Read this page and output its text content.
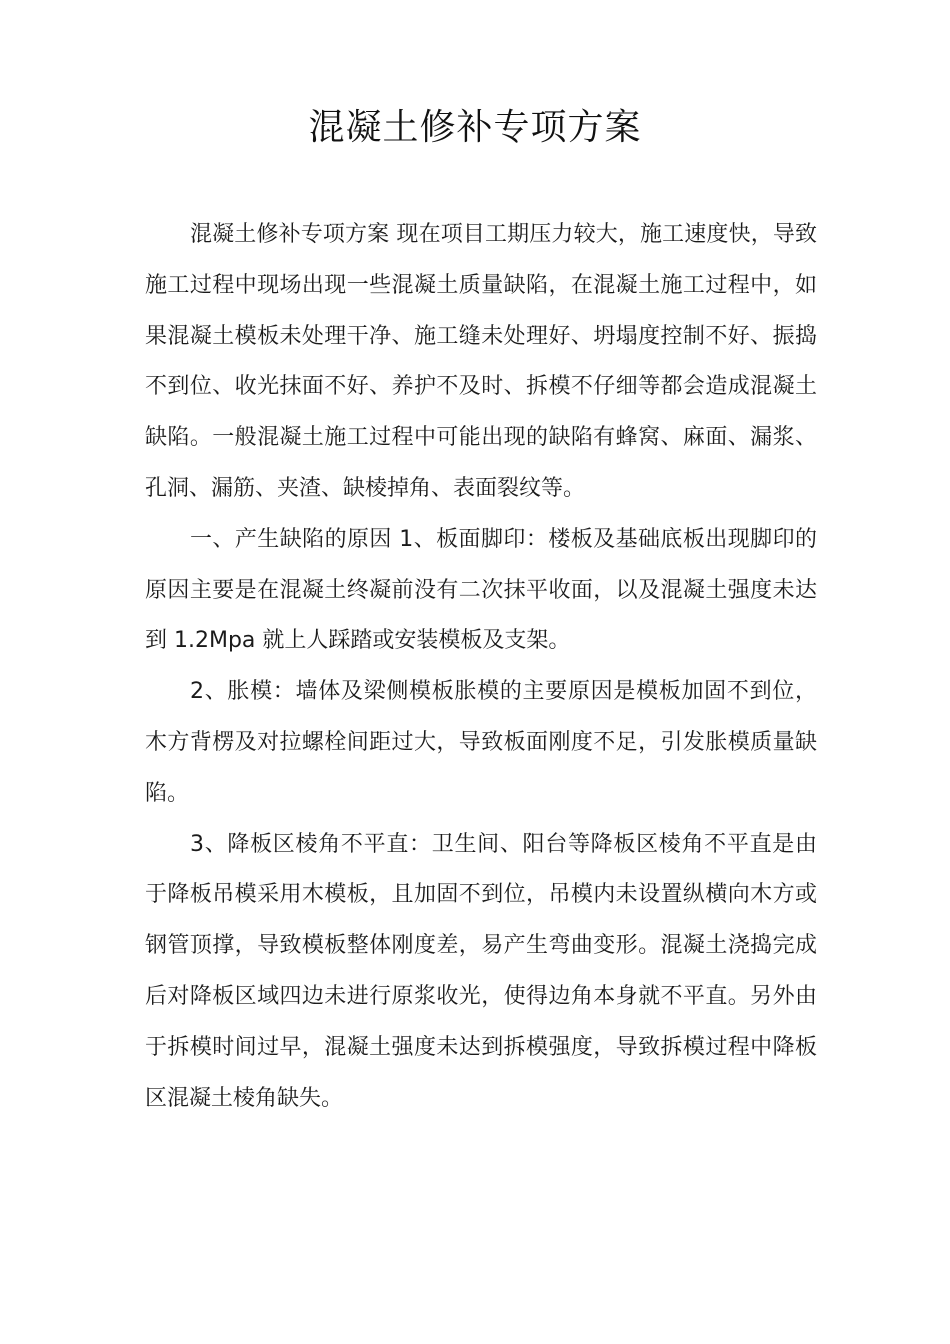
混凝土修补专项方案

混凝土修补专项方案 现在项目工期压力较大，施工速度快，导致施工过程中现场出现一些混凝土质量缺陷，在混凝土施工过程中，如果混凝土模板未处理干净、施工缝未处理好、坍塌度控制不好、振捣不到位、收光抹面不好、养护不及时、拆模不仔细等都会造成混凝土缺陷。一般混凝土施工过程中可能出现的缺陷有蜂窝、麻面、漏浆、孔洞、漏筋、夹渣、缺棱掉角、表面裂纹等。

一、产生缺陷的原因 1、板面脚印：楼板及基础底板出现脚印的原因主要是在混凝土终凝前没有二次抹平收面，以及混凝土强度未达到 1.2Mpa 就上人踩踏或安装模板及支架。

2、胀模：墙体及梁侧模板胀模的主要原因是模板加固不到位，木方背楞及对拉螺栓间距过大，导致板面刚度不足，引发胀模质量缺陷。

3、降板区棱角不平直：卫生间、阳台等降板区棱角不平直是由于降板吊模采用木模板，且加固不到位，吊模内未设置纵横向木方或钢管顶撑，导致模板整体刚度差，易产生弯曲变形。混凝土浇捣完成后对降板区域四边未进行原浆收光，使得边角本身就不平直。另外由于拆模时间过早，混凝土强度未达到拆模强度，导致拆模过程中降板区混凝土棱角缺失。
